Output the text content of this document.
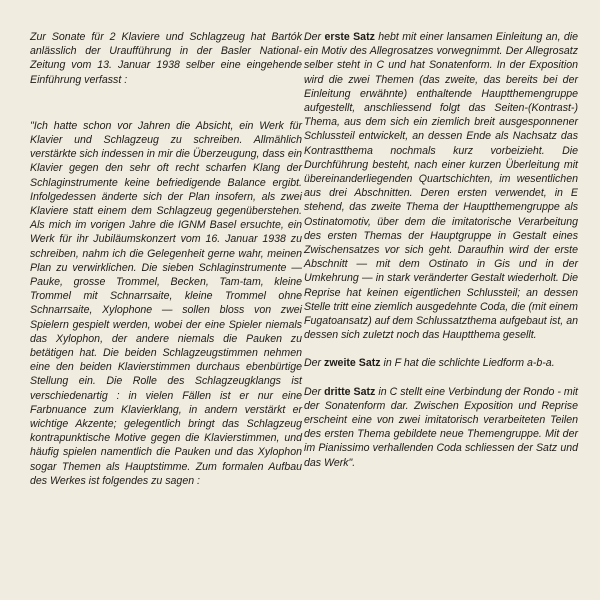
Zur Sonate für 2 Klaviere und Schlagzeug hat Bartók anlässlich der Uraufführung in der Basler National-Zeitung vom 13. Januar 1938 selber eine eingehende Einführung verfasst :

"Ich hatte schon vor Jahren die Absicht, ein Werk für Klavier und Schlagzeug zu schreiben. Allmählich verstärkte sich indessen in mir die Überzeugung, dass ein Klavier gegen den sehr oft recht scharfen Klang der Schlaginstrumente keine befriedigende Balance ergibt. Infolgedessen änderte sich der Plan insofern, als zwei Klaviere statt einem dem Schlagzeug gegenüberstehen. Als mich im vorigen Jahre die IGNM Basel ersuchte, ein Werk für ihr Jubiläumskonzert vom 16. Januar 1938 zu schreiben, nahm ich die Gelegenheit gerne wahr, meinen Plan zu verwirklichen. Die sieben Schlaginstrumente — Pauke, grosse Trommel, Becken, Tam-tam, kleine Trommel mit Schnarrsaite, kleine Trommel ohne Schnarrsaite, Xylophone — sollen bloss von zwei Spielern gespielt werden, wobei der eine Spieler niemals das Xylophon, der andere niemals die Pauken zu betätigen hat. Die beiden Schlagzeugstimmen nehmen eine den beiden Klavierstimmen durchaus ebenbürtige Stellung ein. Die Rolle des Schlagzeugklangs ist verschiedenartig : in vielen Fällen ist er nur eine Farbnuance zum Klavierklang, in andern verstärkt er wichtige Akzente; gelegentlich bringt das Schlagzeug kontrapunktische Motive gegen die Klavierstimmen, und häufig spielen namentlich die Pauken und das Xylophon sogar Themen als Hauptstimme. Zum formalen Aufbau des Werkes ist folgendes zu sagen :

Der erste Satz hebt mit einer lansamen Einleitung an, die ein Motiv des Allegrosatzes vorwegnimmt. Der Allegrosatz selber steht in C und hat Sonatenform. In der Exposition wird die zwei Themen (das zweite, das bereits bei der Einleitung erwähnte) enthaltende Hauptthemengruppe aufgestellt, anschliessend folgt das Seiten-(Kontrast-) Thema, aus dem sich ein ziemlich breit ausgesponnener Schlussteil entwickelt, an dessen Ende als Nachsatz das Kontrastthema nochmals kurz vorbeizieht. Die Durchführung besteht, nach einer kurzen Überleitung mit übereinanderliegenden Quartschichten, im wesentlichen aus drei Abschnitten. Deren ersten verwendet, in E stehend, das zweite Thema der Hauptthemengruppe als Ostinatomotiv, über dem die imitatorische Verarbeitung des ersten Themas der Hauptgruppe in Gestalt eines Zwischensatzes vor sich geht. Daraufhin wird der erste Abschnitt — mit dem Ostinato in Gis und in der Umkehrung — in stark veränderter Gestalt wiederholt. Die Reprise hat keinen eigentlichen Schlussteil; an dessen Stelle tritt eine ziemlich ausgedehnte Coda, die (mit einem Fugatoansatz) auf dem Schlussatzthema aufgebaut ist, an dessen sich zuletzt noch das Hauptthema gesellt.

Der zweite Satz in F hat die schlichte Liedform a-b-a.

Der dritte Satz in C stellt eine Verbindung der Rondo - mit der Sonatenform dar. Zwischen Exposition und Reprise erscheint eine von zwei imitatorisch verarbeiteten Teilen des ersten Thema gebildete neue Themengruppe. Mit der im Pianissimo verhallenden Coda schliessen der Satz und das Werk".
